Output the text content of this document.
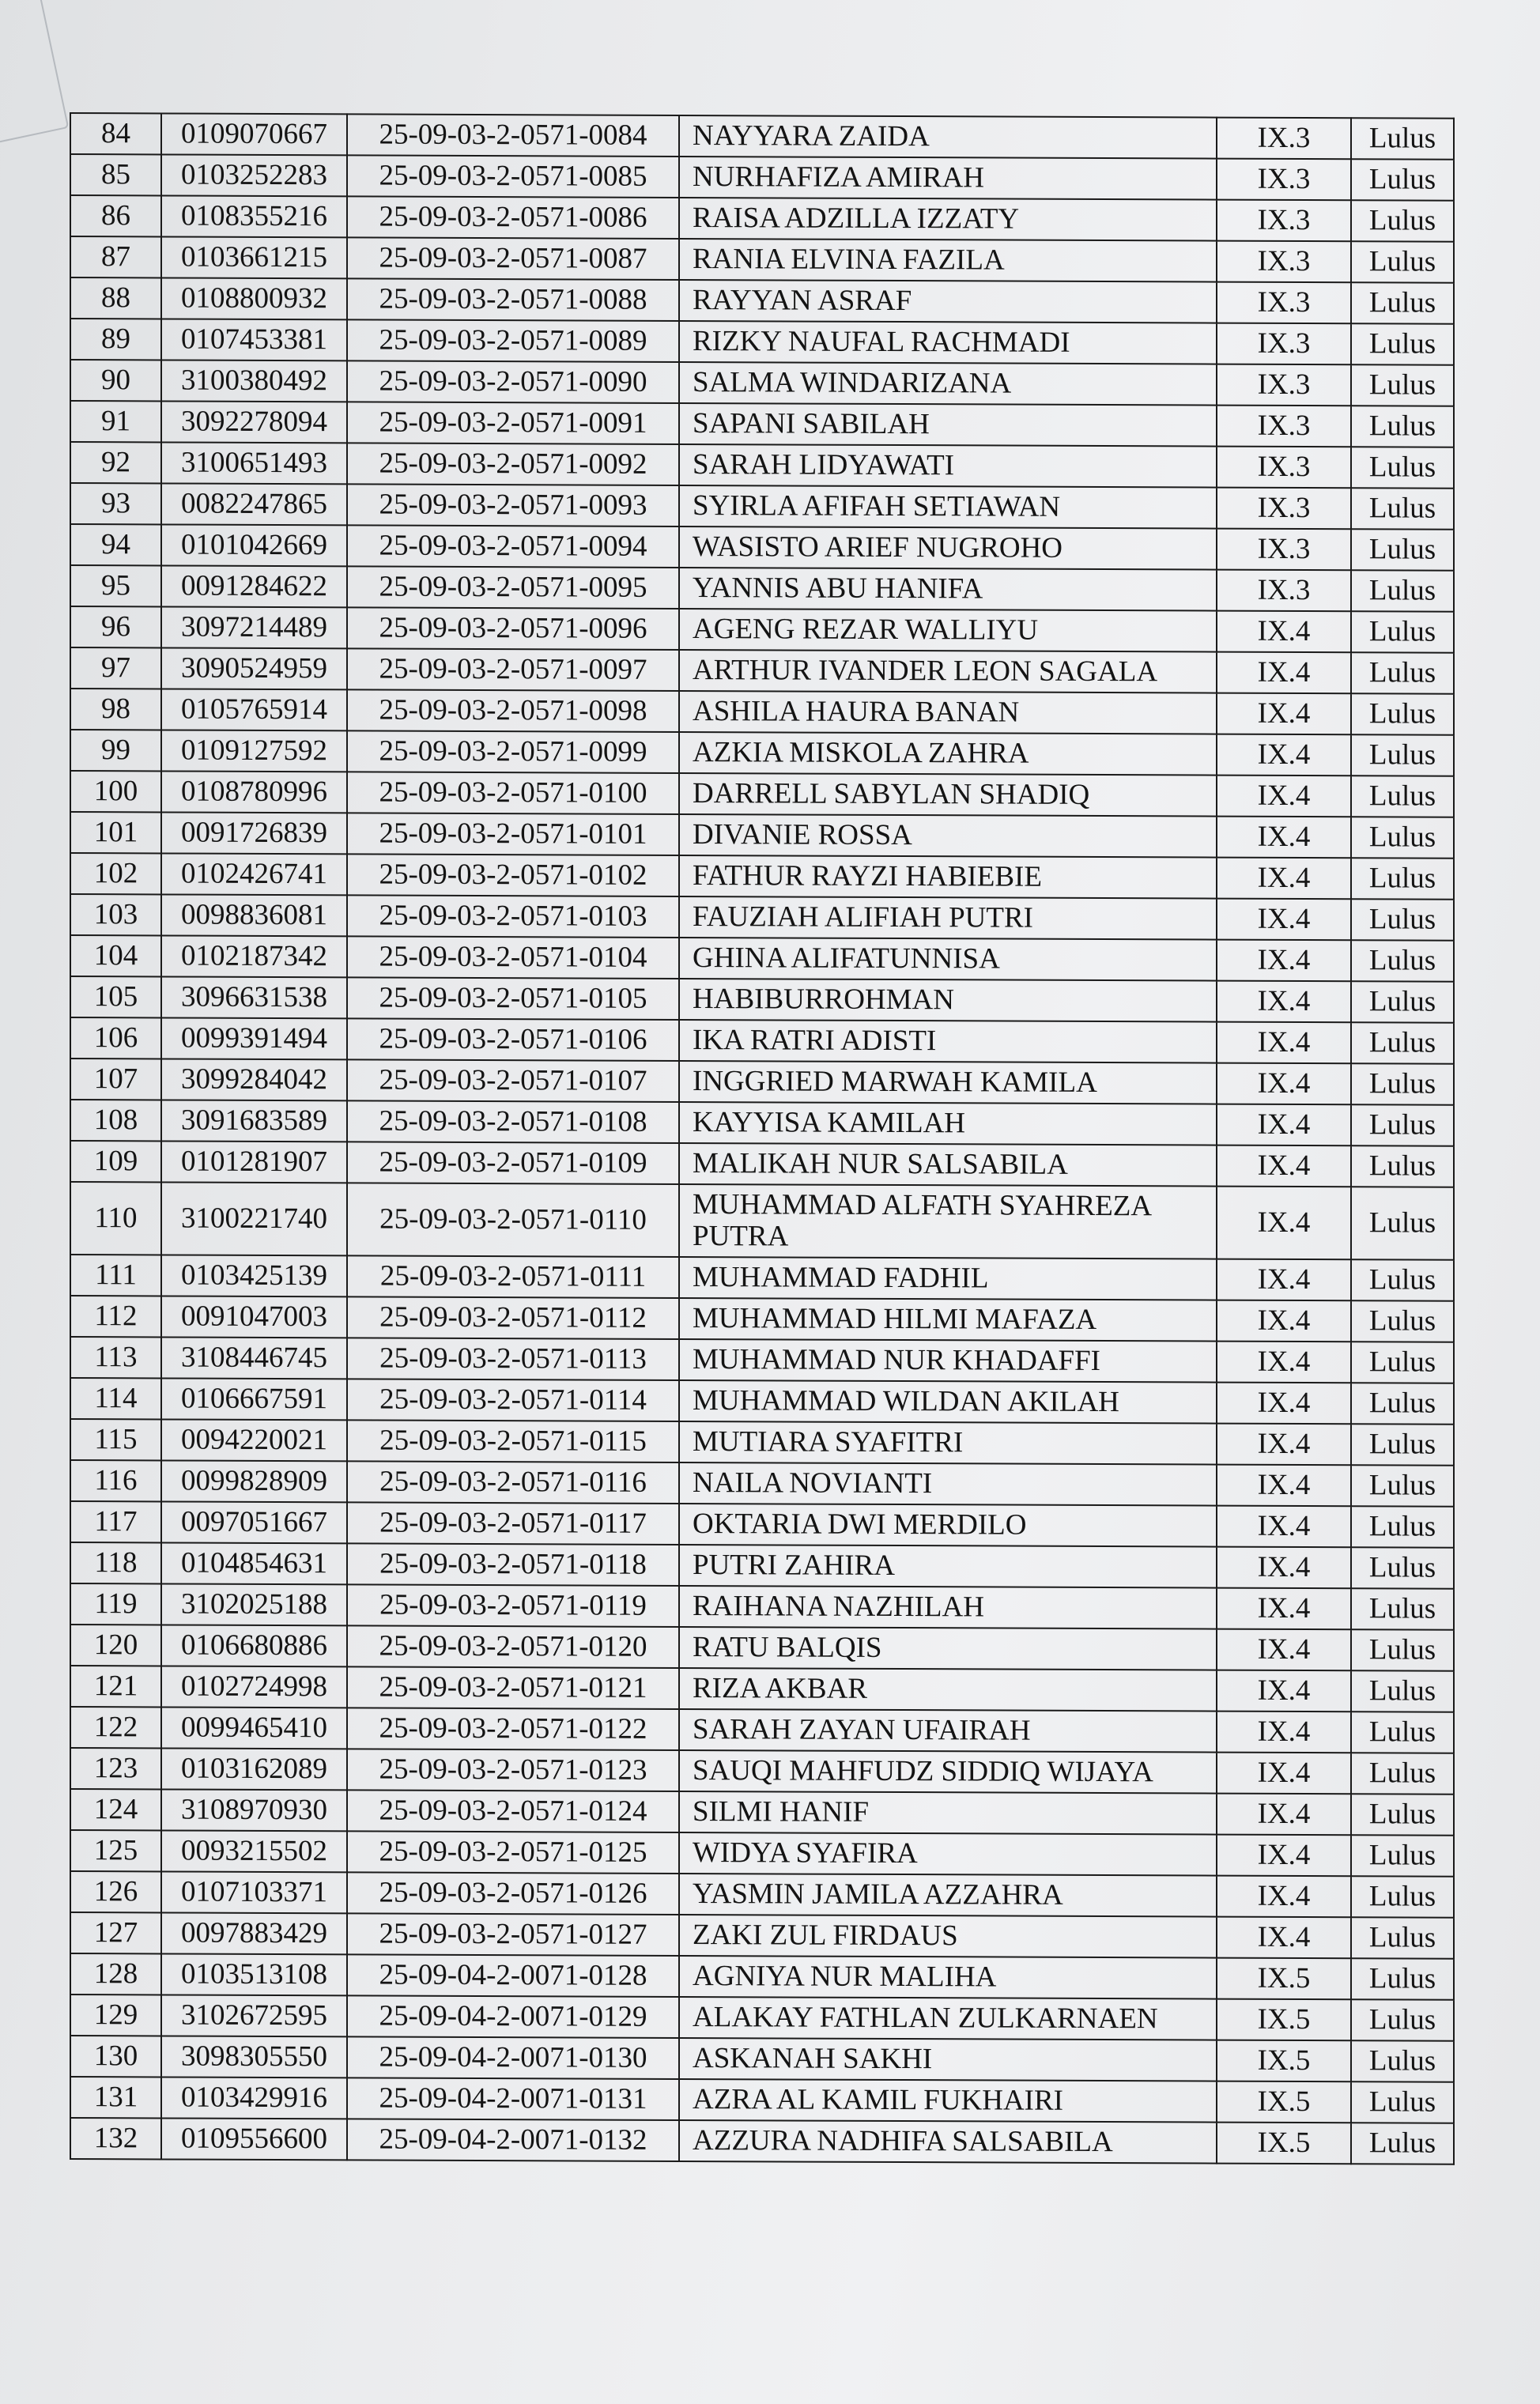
84	0109070667	25-09-03-2-0571-0084	NAYYARA ZAIDA	IX.3	Lulus
85	0103252283	25-09-03-2-0571-0085	NURHAFIZA AMIRAH	IX.3	Lulus
86	0108355216	25-09-03-2-0571-0086	RAISA ADZILLA IZZATY	IX.3	Lulus
87	0103661215	25-09-03-2-0571-0087	RANIA ELVINA FAZILA	IX.3	Lulus
88	0108800932	25-09-03-2-0571-0088	RAYYAN ASRAF	IX.3	Lulus
89	0107453381	25-09-03-2-0571-0089	RIZKY NAUFAL RACHMADI	IX.3	Lulus
90	3100380492	25-09-03-2-0571-0090	SALMA WINDARIZANA	IX.3	Lulus
91	3092278094	25-09-03-2-0571-0091	SAPANI SABILAH	IX.3	Lulus
92	3100651493	25-09-03-2-0571-0092	SARAH LIDYAWATI	IX.3	Lulus
93	0082247865	25-09-03-2-0571-0093	SYIRLA AFIFAH SETIAWAN	IX.3	Lulus
94	0101042669	25-09-03-2-0571-0094	WASISTO ARIEF NUGROHO	IX.3	Lulus
95	0091284622	25-09-03-2-0571-0095	YANNIS ABU HANIFA	IX.3	Lulus
96	3097214489	25-09-03-2-0571-0096	AGENG REZAR WALLIYU	IX.4	Lulus
97	3090524959	25-09-03-2-0571-0097	ARTHUR IVANDER LEON SAGALA	IX.4	Lulus
98	0105765914	25-09-03-2-0571-0098	ASHILA HAURA BANAN	IX.4	Lulus
99	0109127592	25-09-03-2-0571-0099	AZKIA MISKOLA ZAHRA	IX.4	Lulus
100	0108780996	25-09-03-2-0571-0100	DARRELL SABYLAN SHADIQ	IX.4	Lulus
101	0091726839	25-09-03-2-0571-0101	DIVANIE ROSSA	IX.4	Lulus
102	0102426741	25-09-03-2-0571-0102	FATHUR RAYZI HABIEBIE	IX.4	Lulus
103	0098836081	25-09-03-2-0571-0103	FAUZIAH ALIFIAH PUTRI	IX.4	Lulus
104	0102187342	25-09-03-2-0571-0104	GHINA ALIFATUNNISA	IX.4	Lulus
105	3096631538	25-09-03-2-0571-0105	HABIBURROHMAN	IX.4	Lulus
106	0099391494	25-09-03-2-0571-0106	IKA RATRI ADISTI	IX.4	Lulus
107	3099284042	25-09-03-2-0571-0107	INGGRIED MARWAH KAMILA	IX.4	Lulus
108	3091683589	25-09-03-2-0571-0108	KAYYISA KAMILAH	IX.4	Lulus
109	0101281907	25-09-03-2-0571-0109	MALIKAH NUR SALSABILA	IX.4	Lulus
110	3100221740	25-09-03-2-0571-0110	MUHAMMAD ALFATH SYAHREZA PUTRA	IX.4	Lulus
111	0103425139	25-09-03-2-0571-0111	MUHAMMAD FADHIL	IX.4	Lulus
112	0091047003	25-09-03-2-0571-0112	MUHAMMAD HILMI MAFAZA	IX.4	Lulus
113	3108446745	25-09-03-2-0571-0113	MUHAMMAD NUR KHADAFFI	IX.4	Lulus
114	0106667591	25-09-03-2-0571-0114	MUHAMMAD WILDAN AKILAH	IX.4	Lulus
115	0094220021	25-09-03-2-0571-0115	MUTIARA SYAFITRI	IX.4	Lulus
116	0099828909	25-09-03-2-0571-0116	NAILA NOVIANTI	IX.4	Lulus
117	0097051667	25-09-03-2-0571-0117	OKTARIA DWI MERDILO	IX.4	Lulus
118	0104854631	25-09-03-2-0571-0118	PUTRI ZAHIRA	IX.4	Lulus
119	3102025188	25-09-03-2-0571-0119	RAIHANA NAZHILAH	IX.4	Lulus
120	0106680886	25-09-03-2-0571-0120	RATU BALQIS	IX.4	Lulus
121	0102724998	25-09-03-2-0571-0121	RIZA AKBAR	IX.4	Lulus
122	0099465410	25-09-03-2-0571-0122	SARAH ZAYAN UFAIRAH	IX.4	Lulus
123	0103162089	25-09-03-2-0571-0123	SAUQI MAHFUDZ SIDDIQ WIJAYA	IX.4	Lulus
124	3108970930	25-09-03-2-0571-0124	SILMI HANIF	IX.4	Lulus
125	0093215502	25-09-03-2-0571-0125	WIDYA SYAFIRA	IX.4	Lulus
126	0107103371	25-09-03-2-0571-0126	YASMIN JAMILA AZZAHRA	IX.4	Lulus
127	0097883429	25-09-03-2-0571-0127	ZAKI ZUL FIRDAUS	IX.4	Lulus
128	0103513108	25-09-04-2-0071-0128	AGNIYA NUR MALIHA	IX.5	Lulus
129	3102672595	25-09-04-2-0071-0129	ALAKAY FATHLAN ZULKARNAEN	IX.5	Lulus
130	3098305550	25-09-04-2-0071-0130	ASKANAH SAKHI	IX.5	Lulus
131	0103429916	25-09-04-2-0071-0131	AZRA AL KAMIL FUKHAIRI	IX.5	Lulus
132	0109556600	25-09-04-2-0071-0132	AZZURA NADHIFA SALSABILA	IX.5	Lulus
